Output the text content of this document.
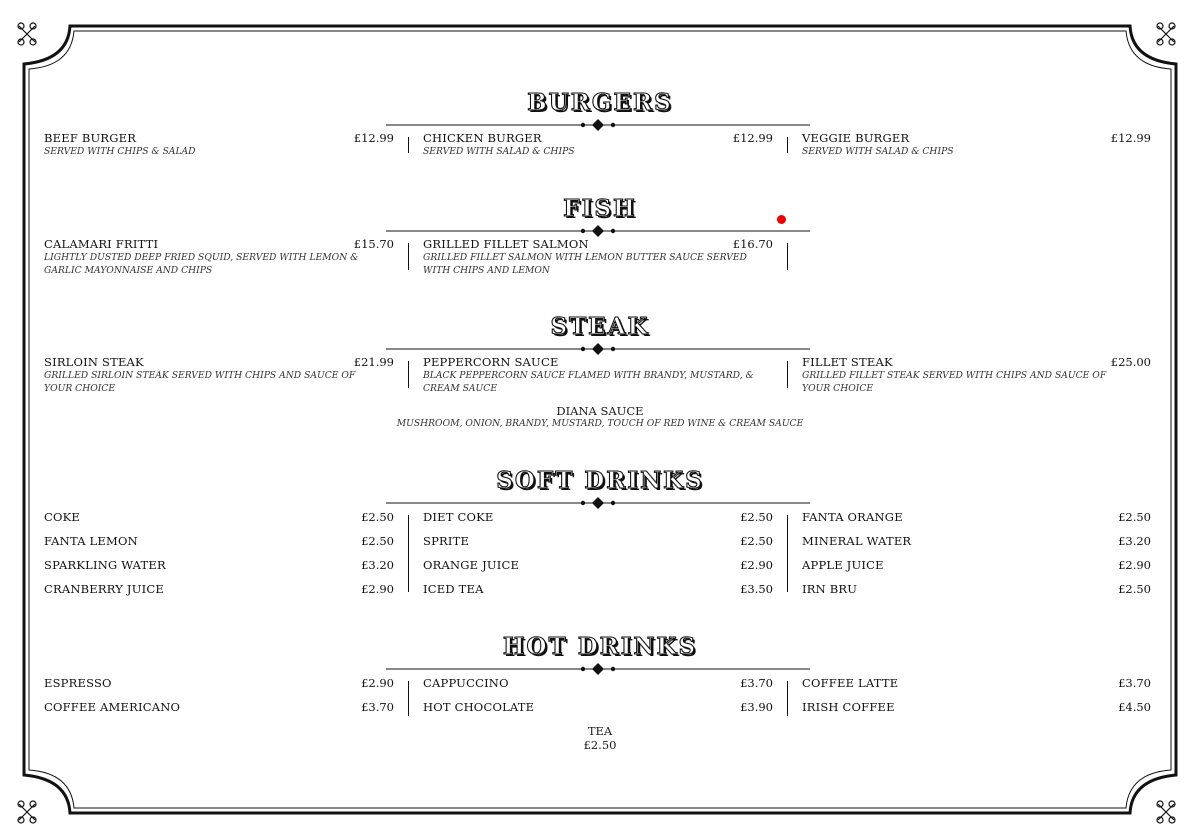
BURGERS
BEEF BURGER
SERVED WITH CHIPS & SALAD
£12.99	CHICKEN BURGER
SERVED WITH SALAD & CHIPS
£12.99	VEGGIE BURGER
SERVED WITH SALAD & CHIPS
£12.99
FISH
CALAMARI FRITTI
LIGHTLY DUSTED DEEP FRIED SQUID, SERVED WITH LEMON &
GARLIC MAYONNAISE AND CHIPS
£15.70	GRILLED FILLET SALMON
GRILLED FILLET SALMON WITH LEMON BUTTER SAUCE SERVED
WITH CHIPS AND LEMON
£16.70
STEAK
SIRLOIN STEAK
GRILLED SIRLOIN STEAK SERVED WITH CHIPS AND SAUCE OF
YOUR CHOICE
£21.99	PEPPERCORN SAUCE
BLACK PEPPERCORN SAUCE FLAMED WITH BRANDY, MUSTARD, &
CREAM SAUCE
FILLET STEAK
GRILLED FILLET STEAK SERVED WITH CHIPS AND SAUCE OF
YOUR CHOICE
£25.00
DIANA SAUCE
MUSHROOM, ONION, BRANDY, MUSTARD, TOUCH OF RED WINE & CREAM SAUCE
SOFT DRINKS
COKE	£2.50
FANTA LEMON	£2.50
SPARKLING WATER	£3.20
CRANBERRY JUICE	£2.90
DIET COKE	£2.50
SPRITE	£2.50
ORANGE JUICE	£2.90
ICED TEA	£3.50
FANTA ORANGE	£2.50
MINERAL WATER	£3.20
APPLE JUICE	£2.90
IRN BRU	£2.50
HOT DRINKS
ESPRESSO	£2.90
COFFEE AMERICANO	£3.70
CAPPUCCINO	£3.70
HOT CHOCOLATE	£3.90
COFFEE LATTE	£3.70
IRISH COFFEE	£4.50
TEA
£2.50
